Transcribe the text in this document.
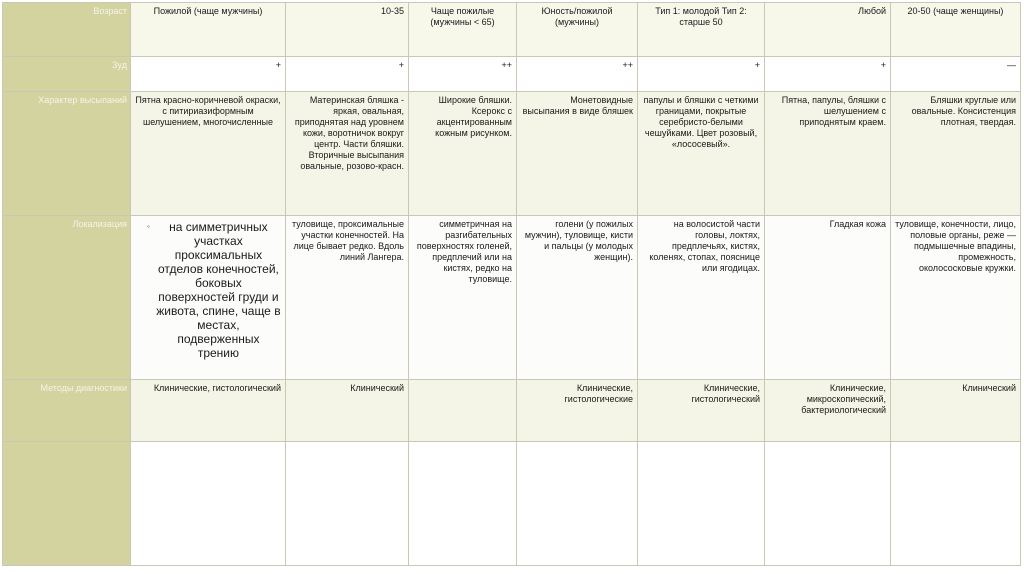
Возраст	Пожилой (чаще мужчины)	10-35	Чаще пожилые (мужчины < 65)	Юность/пожилой (мужчины)	Тип 1: молодой Тип 2: старше 50	Любой	20-50 (чаще женщины)
Зуд	+	+	++	++	+	+	—
Характер высыпаний	Пятна красно-коричневой окраски, с питириазиформным шелушением, многочисленные	Материнская бляшка - яркая, овальная, приподнятая над уровнем кожи, воротничок вокруг центр. Части бляшки. Вторичные высыпания овальные, розово-красн.	Широкие бляшки. Ксерокс с акцентированным кожным рисунком.	Монетовидные высыпания в виде бляшек	папулы и бляшки с четкими границами, покрытые серебристо-белыми чешуйками. Цвет розовый, «лососевый».	Пятна, папулы, бляшки с шелушением с приподнятым краем.	Бляшки круглые или овальные. Консистенция плотная, твердая.
Локализация	◦ на симметричных участках проксимальных отделов конечностей, боковых поверхностей груди и живота, спине, чаще в местах, подверженных трению	туловище, проксимальные участки конечностей. На лице бывает редко. Вдоль линий Лангера.	симметричная на разгибательных поверхностях голеней, предплечий или на кистях, редко на туловище.	голени (у пожилых мужчин), туловище, кисти и пальцы (у молодых женщин).	на волосистой части головы, локтях, предплечьях, кистях, коленях, стопах, пояснице или ягодицах.	Гладкая кожа	туловище, конечности, лицо, половые органы, реже — подмышечные впадины, промежность, околососковые кружки.
Методы диагностики	Клинические, гистологический	Клинический		Клинические, гистологические	Клинические, гистологический	Клинические, микроскопический, бактериологический	Клинический
